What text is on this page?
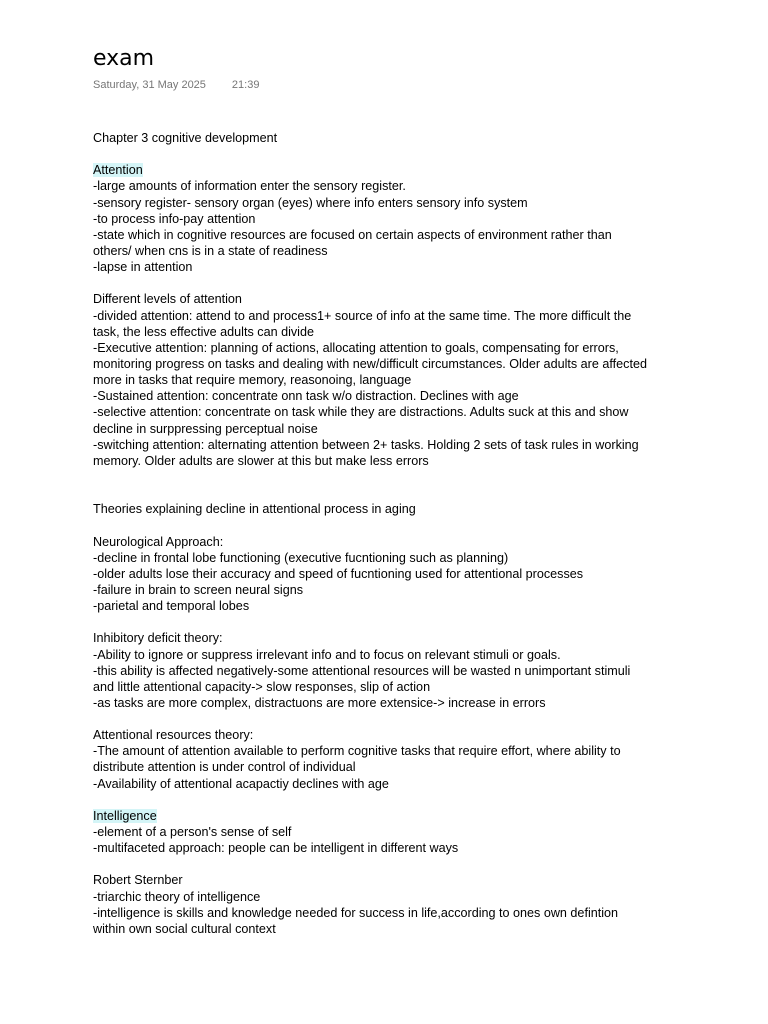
exam
Saturday, 31 May 2025 21:39
Chapter 3 cognitive development
Attention
-large amounts of information enter the sensory register.
-sensory register- sensory organ (eyes) where info enters sensory info system
-to process info-pay attention
-state which in cognitive resources are focused on certain aspects of environment rather than
others/ when cns is in a state of readiness
-lapse in attention
Different levels of attention
-divided attention: attend to and process1+ source of info at the same time. The more difficult the
task, the less effective adults can divide
-Executive attention: planning of actions, allocating attention to goals, compensating for errors,
monitoring progress on tasks and dealing with new/difficult circumstances. Older adults are affected
more in tasks that require memory, reasonoing, language
-Sustained attention: concentrate onn task w/o distraction. Declines with age
-selective attention: concentrate on task while they are distractions. Adults suck at this and show
decline in surppressing perceptual noise
-switching attention: alternating attention between 2+ tasks. Holding 2 sets of task rules in working
memory. Older adults are slower at this but make less errors
Theories explaining decline in attentional process in aging
Neurological Approach:
-decline in frontal lobe functioning (executive fucntioning such as planning)
-older adults lose their accuracy and speed of fucntioning used for attentional processes
-failure in brain to screen neural signs
-parietal and temporal lobes
Inhibitory deficit theory:
-Ability to ignore or suppress irrelevant info and to focus on relevant stimuli or goals.
-this ability is affected negatively-some attentional resources will be wasted n unimportant stimuli
and little attentional capacity-> slow responses, slip of action
-as tasks are more complex, distractuons are more extensice-> increase in errors
Attentional resources theory:
-The amount of attention available to perform cognitive tasks that require effort, where ability to
distribute attention is under control of individual
-Availability of attentional acapactiy declines with age
Intelligence
-element of a person's sense of self
-multifaceted approach: people can be intelligent in different ways
Robert Sternber
-triarchic theory of intelligence
-intelligence is skills and knowledge needed for success in life,according to ones own defintion
within own social cultural context
